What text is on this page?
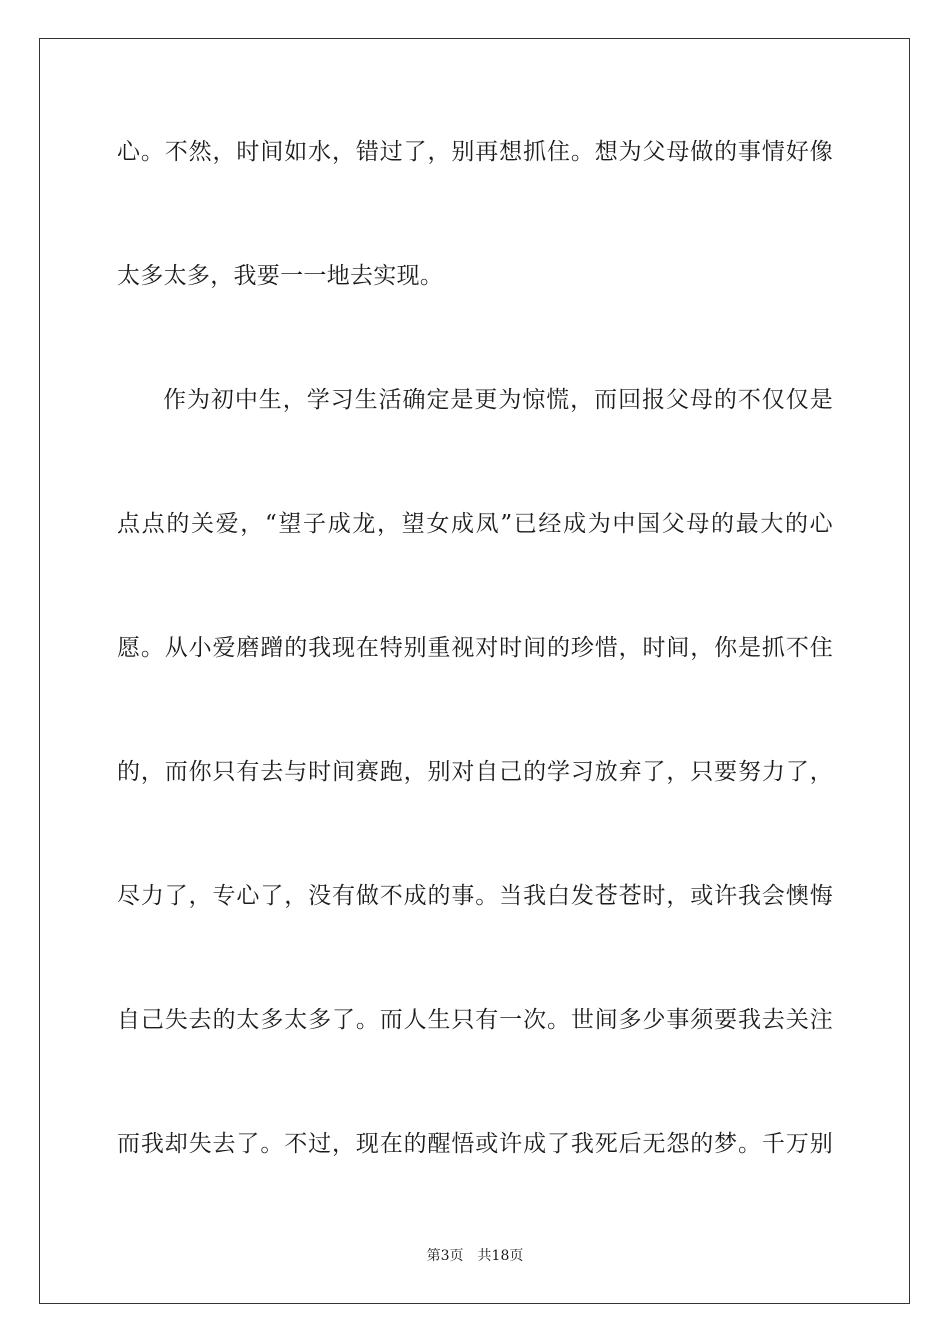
心。不然，时间如水，错过了，别再想抓住。想为父母做的事情好像
太多太多，我要一一地去实现。
作为初中生，学习生活确定是更为惊慌，而回报父母的不仅仅是
点点的关爱，“望子成龙，望女成凤”已经成为中国父母的最大的心
愿。从小爱磨蹭的我现在特别重视对时间的珍惜，时间，你是抓不住
的，而你只有去与时间赛跑，别对自己的学习放弃了，只要努力了，
尽力了，专心了，没有做不成的事。当我白发苍苍时，或许我会懊悔
自己失去的太多太多了。而人生只有一次。世间多少事须要我去关注
而我却失去了。不过，现在的醒悟或许成了我死后无怨的梦。千万别
第3页 共18页
